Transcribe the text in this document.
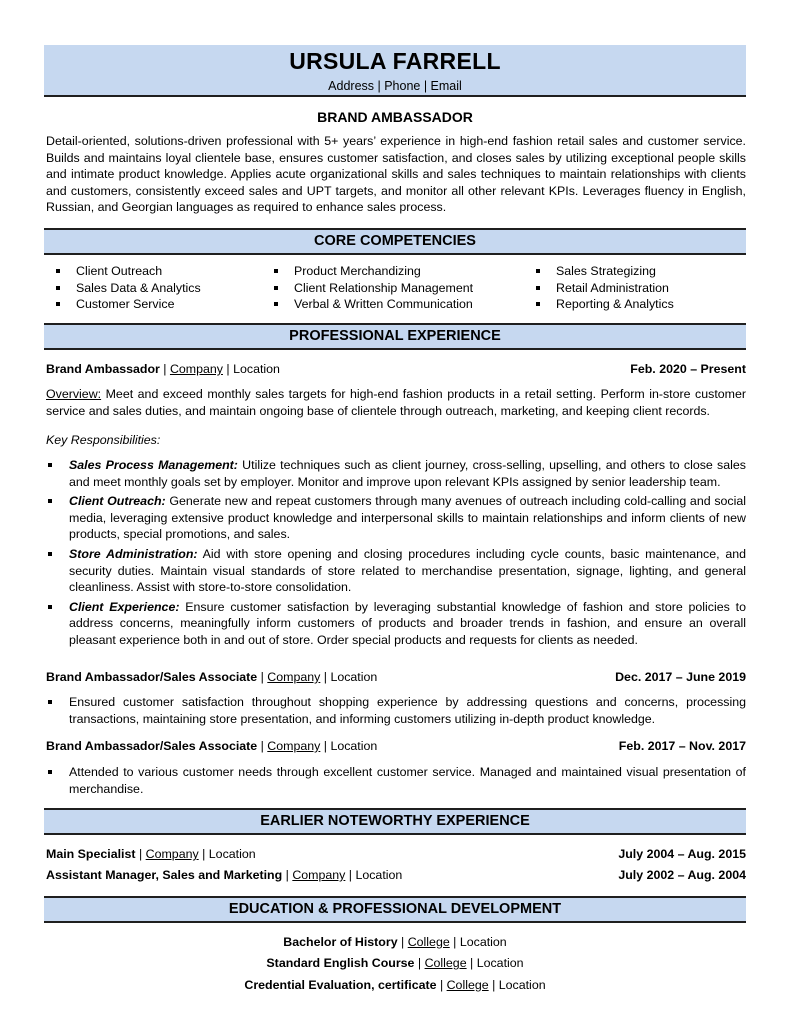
URSULA FARRELL
Address | Phone | Email
BRAND AMBASSADOR
Detail-oriented, solutions-driven professional with 5+ years’ experience in high-end fashion retail sales and customer service. Builds and maintains loyal clientele base, ensures customer satisfaction, and closes sales by utilizing exceptional people skills and intimate product knowledge. Applies acute organizational skills and sales techniques to maintain relationships with clients and customers, consistently exceed sales and UPT targets, and monitor all other relevant KPIs. Leverages fluency in English, Russian, and Georgian languages as required to enhance sales process.
CORE COMPETENCIES
Client Outreach
Sales Data & Analytics
Customer Service
Product Merchandizing
Client Relationship Management
Verbal & Written Communication
Sales Strategizing
Retail Administration
Reporting & Analytics
PROFESSIONAL EXPERIENCE
Brand Ambassador | Company | Location	Feb. 2020 – Present
Overview: Meet and exceed monthly sales targets for high-end fashion products in a retail setting. Perform in-store customer service and sales duties, and maintain ongoing base of clientele through outreach, marketing, and keeping client records.
Key Responsibilities:
Sales Process Management: Utilize techniques such as client journey, cross-selling, upselling, and others to close sales and meet monthly goals set by employer. Monitor and improve upon relevant KPIs assigned by senior leadership team.
Client Outreach: Generate new and repeat customers through many avenues of outreach including cold-calling and social media, leveraging extensive product knowledge and interpersonal skills to maintain relationships and inform clients of new products, special promotions, and sales.
Store Administration: Aid with store opening and closing procedures including cycle counts, basic maintenance, and security duties. Maintain visual standards of store related to merchandise presentation, signage, lighting, and general cleanliness. Assist with store-to-store consolidation.
Client Experience: Ensure customer satisfaction by leveraging substantial knowledge of fashion and store policies to address concerns, meaningfully inform customers of products and broader trends in fashion, and ensure an overall pleasant experience both in and out of store. Order special products and requests for clients as needed.
Brand Ambassador/Sales Associate | Company | Location	Dec. 2017 – June 2019
Ensured customer satisfaction throughout shopping experience by addressing questions and concerns, processing transactions, maintaining store presentation, and informing customers utilizing in-depth product knowledge.
Brand Ambassador/Sales Associate | Company | Location	Feb. 2017 – Nov. 2017
Attended to various customer needs through excellent customer service. Managed and maintained visual presentation of merchandise.
EARLIER NOTEWORTHY EXPERIENCE
Main Specialist | Company | Location	July 2004 – Aug. 2015
Assistant Manager, Sales and Marketing | Company | Location	July 2002 – Aug. 2004
EDUCATION & PROFESSIONAL DEVELOPMENT
Bachelor of History | College | Location
Standard English Course | College | Location
Credential Evaluation, certificate | College | Location
